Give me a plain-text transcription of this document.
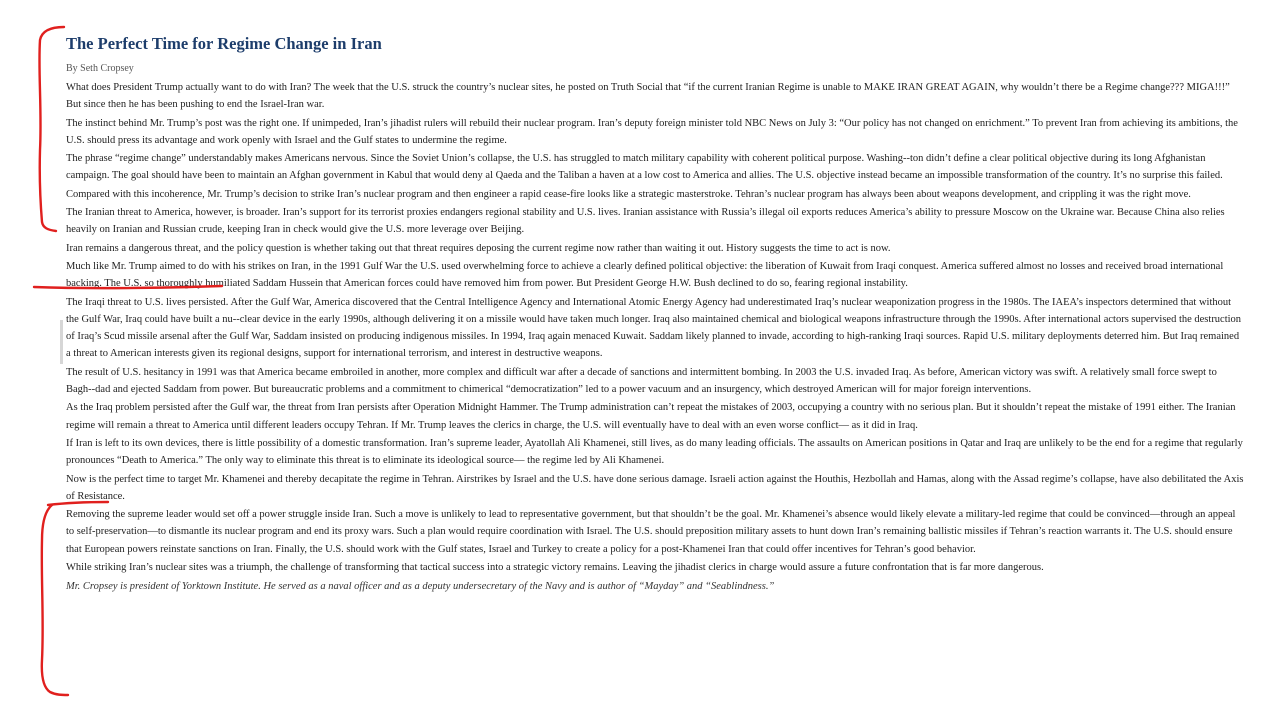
The Perfect Time for Regime Change in Iran
By Seth Cropsey

What does President Trump actually want to do with Iran? The week that the U.S. struck the country’s nuclear sites, he posted on Truth Social that “if the current Iranian Regime is unable to MAKE IRAN GREAT AGAIN, why wouldn’t there be a Regime change??? MIGA!!!” But since then he has been pushing to end the Israel-Iran war.

The instinct behind Mr. Trump’s post was the right one. If unimpeded, Iran’s jihadist rulers will rebuild their nuclear program. Iran’s deputy foreign minister told NBC News on July 3: “Our policy has not changed on enrichment.” To prevent Iran from achieving its ambitions, the U.S. should press its advantage and work openly with Israel and the Gulf states to undermine the regime.

The phrase “regime change” understandably makes Americans nervous. Since the Soviet Union’s collapse, the U.S. has struggled to match military capability with coherent political purpose. Washing--ton didn’t define a clear political objective during its long Afghanistan campaign. The goal should have been to maintain an Afghan government in Kabul that would deny al Qaeda and the Taliban a haven at a low cost to America and allies. The U.S. objective instead became an impossible transformation of the country. It’s no surprise this failed.

Compared with this incoherence, Mr. Trump’s decision to strike Iran’s nuclear program and then engineer a rapid cease-fire looks like a strategic masterstroke. Tehran’s nuclear program has always been about weapons development, and crippling it was the right move.

The Iranian threat to America, however, is broader. Iran’s support for its terrorist proxies endangers regional stability and U.S. lives. Iranian assistance with Russia’s illegal oil exports reduces America’s ability to pressure Moscow on the Ukraine war. Because China also relies heavily on Iranian and Russian crude, keeping Iran in check would give the U.S. more leverage over Beijing.

Iran remains a dangerous threat, and the policy question is whether taking out that threat requires deposing the current regime now rather than waiting it out. History suggests the time to act is now.

Much like Mr. Trump aimed to do with his strikes on Iran, in the 1991 Gulf War the U.S. used overwhelming force to achieve a clearly defined political objective: the liberation of Kuwait from Iraqi conquest. America suffered almost no losses and received broad international backing. The U.S. so thoroughly humiliated Saddam Hussein that American forces could have removed him from power. But President George H.W. Bush declined to do so, fearing regional instability.

The Iraqi threat to U.S. lives persisted. After the Gulf War, America discovered that the Central Intelligence Agency and International Atomic Energy Agency had underestimated Iraq’s nuclear weaponization progress in the 1980s. The IAEA’s inspectors determined that without the Gulf War, Iraq could have built a nu--clear device in the early 1990s, although delivering it on a missile would have taken much longer. Iraq also maintained chemical and biological weapons infrastructure through the 1990s. After international actors supervised the destruction of Iraq’s Scud missile arsenal after the Gulf War, Saddam insisted on producing indigenous missiles. In 1994, Iraq again menaced Kuwait. Saddam likely planned to invade, according to high-ranking Iraqi sources. Rapid U.S. military deployments deterred him. But Iraq remained a threat to American interests given its regional designs, support for international terrorism, and interest in destructive weapons.

The result of U.S. hesitancy in 1991 was that America became embroiled in another, more complex and difficult war after a decade of sanctions and intermittent bombing. In 2003 the U.S. invaded Iraq. As before, American victory was swift. A relatively small force swept to Bagh--dad and ejected Saddam from power. But bureaucratic problems and a commitment to chimerical “democratization” led to a power vacuum and an insurgency, which destroyed American will for major foreign interventions.

As the Iraq problem persisted after the Gulf war, the threat from Iran persists after Operation Midnight Hammer. The Trump administration can’t repeat the mistakes of 2003, occupying a country with no serious plan. But it shouldn’t repeat the mistake of 1991 either. The Iranian regime will remain a threat to America until different leaders occupy Tehran. If Mr. Trump leaves the clerics in charge, the U.S. will eventually have to deal with an even worse conflict— as it did in Iraq.

If Iran is left to its own devices, there is little possibility of a domestic transformation. Iran’s supreme leader, Ayatollah Ali Khamenei, still lives, as do many leading officials. The assaults on American positions in Qatar and Iraq are unlikely to be the end for a regime that regularly pronounces “Death to America.” The only way to eliminate this threat is to eliminate its ideological source— the regime led by Ali Khamenei.

Now is the perfect time to target Mr. Khamenei and thereby decapitate the regime in Tehran. Airstrikes by Israel and the U.S. have done serious damage. Israeli action against the Houthis, Hezbollah and Hamas, along with the Assad regime’s collapse, have also debilitated the Axis of Resistance.

Removing the supreme leader would set off a power struggle inside Iran. Such a move is unlikely to lead to representative government, but that shouldn’t be the goal. Mr. Khamenei’s absence would likely elevate a military-led regime that could be convinced—through an appeal to self-preservation—to dismantle its nuclear program and end its proxy wars. Such a plan would require coordination with Israel. The U.S. should preposition military assets to hunt down Iran’s remaining ballistic missiles if Tehran’s reaction warrants it. The U.S. should ensure that European powers reinstate sanctions on Iran. Finally, the U.S. should work with the Gulf states, Israel and Turkey to create a policy for a post-Khamenei Iran that could offer incentives for Tehran’s good behavior.

While striking Iran’s nuclear sites was a triumph, the challenge of transforming that tactical success into a strategic victory remains. Leaving the jihadist clerics in charge would assure a future confrontation that is far more dangerous.

Mr. Cropsey is president of Yorktown Institute. He served as a naval officer and as a deputy undersecretary of the Navy and is author of “Mayday” and “Seablindness.”
